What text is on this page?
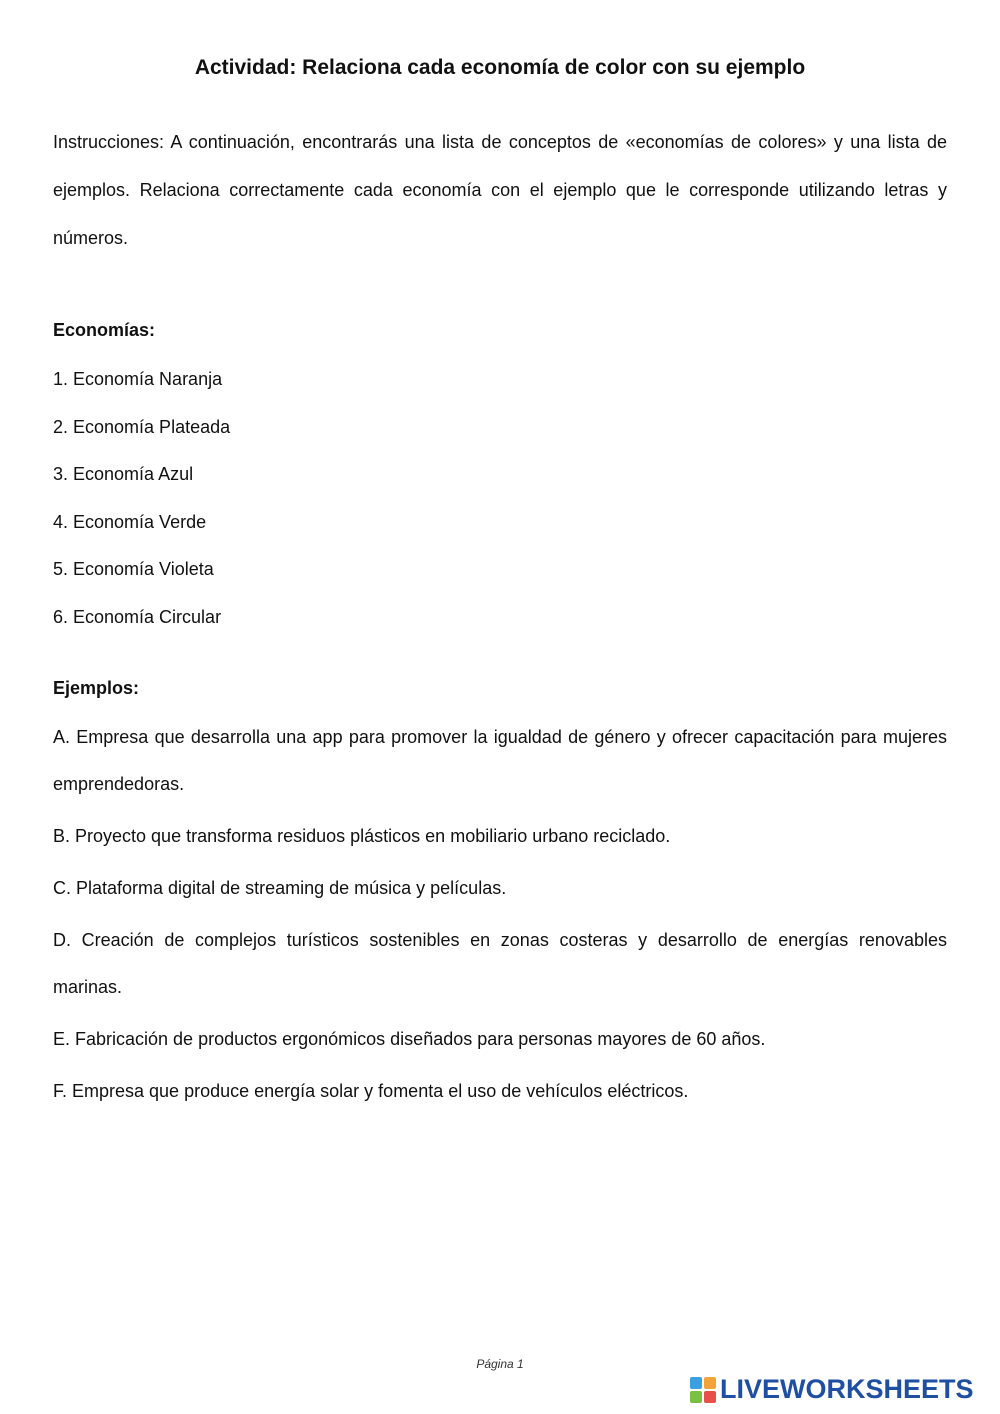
Actividad: Relaciona cada economía de color con su ejemplo

Instrucciones: A continuación, encontrarás una lista de conceptos de «economías de colores» y una lista de ejemplos. Relaciona correctamente cada economía con el ejemplo que le corresponde utilizando letras y números.

Economías:
1. Economía Naranja
2. Economía Plateada
3. Economía Azul
4. Economía Verde
5. Economía Violeta
6. Economía Circular
Ejemplos:
A. Empresa que desarrolla una app para promover la igualdad de género y ofrecer capacitación para mujeres emprendedoras.
B. Proyecto que transforma residuos plásticos en mobiliario urbano reciclado.
C. Plataforma digital de streaming de música y películas.
D. Creación de complejos turísticos sostenibles en zonas costeras y desarrollo de energías renovables marinas.
E. Fabricación de productos ergonómicos diseñados para personas mayores de 60 años.
F. Empresa que produce energía solar y fomenta el uso de vehículos eléctricos.
Página 1
LIVEWORKSHEETS
